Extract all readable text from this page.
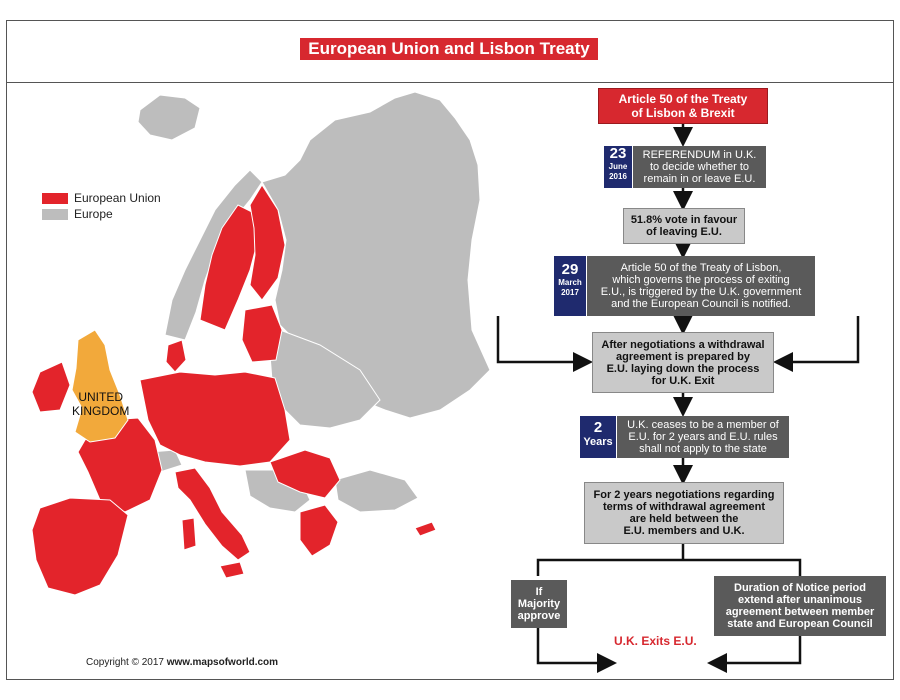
European Union and Lisbon Treaty
European Union
Europe
UNITED
KINGDOM
Copyright © 2017 www.mapsofworld.com
Article 50 of the Treaty
of Lisbon & Brexit
23
June
2016
REFERENDUM in U.K.
to decide whether to
remain in or leave E.U.
51.8% vote in favour
of leaving E.U.
29
March
2017
Article 50 of the Treaty of Lisbon,
which governs the process of exiting
E.U., is triggered by the U.K. government
and the European Council is notified.
After negotiations a withdrawal
agreement is prepared by
E.U. laying down the process
for U.K. Exit
2
Years
U.K. ceases to be a member of
E.U. for 2 years and E.U. rules
shall not apply to the state
For 2 years negotiations regarding
terms of withdrawal agreement
are held between the
E.U. members and U.K.
If
Majority
approve
Duration of Notice period
extend after unanimous
agreement between member
state and European Council
U.K. Exits E.U.
